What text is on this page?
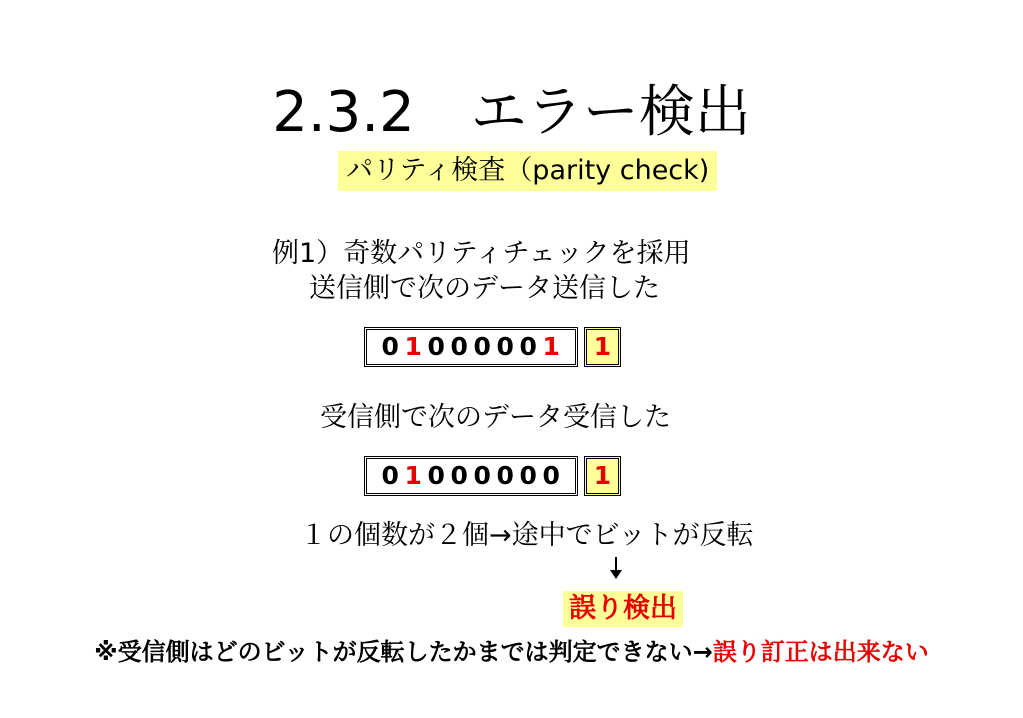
2.3.2　エラー検出
パリティ検査（parity check)
例1）奇数パリティチェックを採用
送信側で次のデータ送信した
0 1 0 0 0 0 0 1	1
受信側で次のデータ受信した
0 1 0 0 0 0 0 0	1
１の個数が２個→途中でビットが反転
誤り検出
※受信側はどのビットが反転したかまでは判定できない→誤り訂正は出来ない
